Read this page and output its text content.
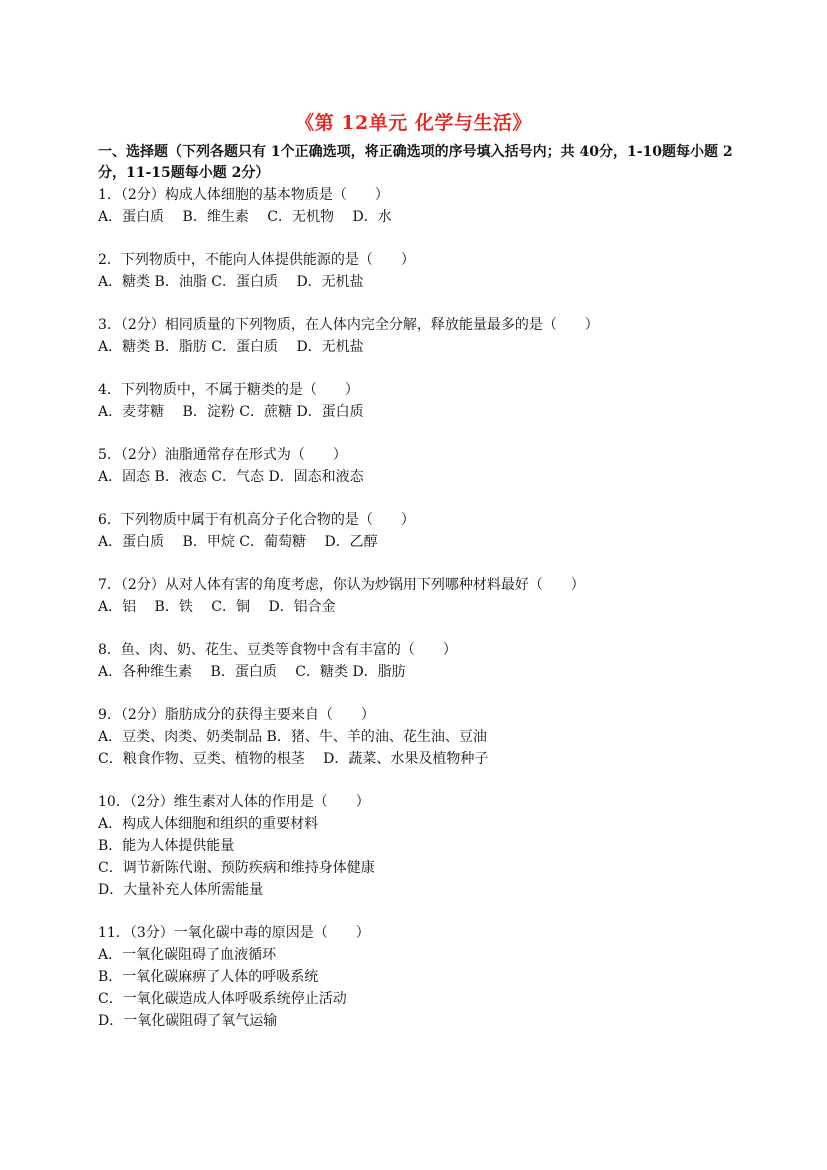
《第 12单元 化学与生活》
一、选择题（下列各题只有 1个正确选项，将正确选项的序号填入括号内；共 40分，1-10题每小题 2分，11-15题每小题 2分）
1．（2分）构成人体细胞的基本物质是（　　）
A．蛋白质　 B．维生素　 C．无机物　 D．水
2．下列物质中，不能向人体提供能源的是（　　）
A．糖类 B．油脂 C．蛋白质　 D．无机盐
3．（2分）相同质量的下列物质，在人体内完全分解，释放能量最多的是（　　）
A．糖类 B．脂肪 C．蛋白质　 D．无机盐
4．下列物质中，不属于糖类的是（　　）
A．麦芽糖　 B．淀粉 C．蔗糖 D．蛋白质
5．（2分）油脂通常存在形式为（　　）
A．固态 B．液态 C．气态 D．固态和液态
6．下列物质中属于有机高分子化合物的是（　　）
A．蛋白质　 B．甲烷 C．葡萄糖　 D．乙醇
7．（2分）从对人体有害的角度考虑，你认为炒锅用下列哪种材料最好（　　）
A．铝　 B．铁　 C．铜　 D．铝合金
8．鱼、肉、奶、花生、豆类等食物中含有丰富的（　　）
A．各种维生素　 B．蛋白质　 C．糖类 D．脂肪
9．（2分）脂肪成分的获得主要来自（　　）
A．豆类、肉类、奶类制品 B．猪、牛、羊的油、花生油、豆油
C．粮食作物、豆类、植物的根茎　 D．蔬菜、水果及植物种子
10．（2分）维生素对人体的作用是（　　）
A．构成人体细胞和组织的重要材料
B．能为人体提供能量
C．调节新陈代谢、预防疾病和维持身体健康
D．大量补充人体所需能量
11．（3分）一氧化碳中毒的原因是（　　）
A．一氧化碳阻碍了血液循环
B．一氧化碳麻痹了人体的呼吸系统
C．一氧化碳造成人体呼吸系统停止活动
D．一氧化碳阻碍了氧气运输
